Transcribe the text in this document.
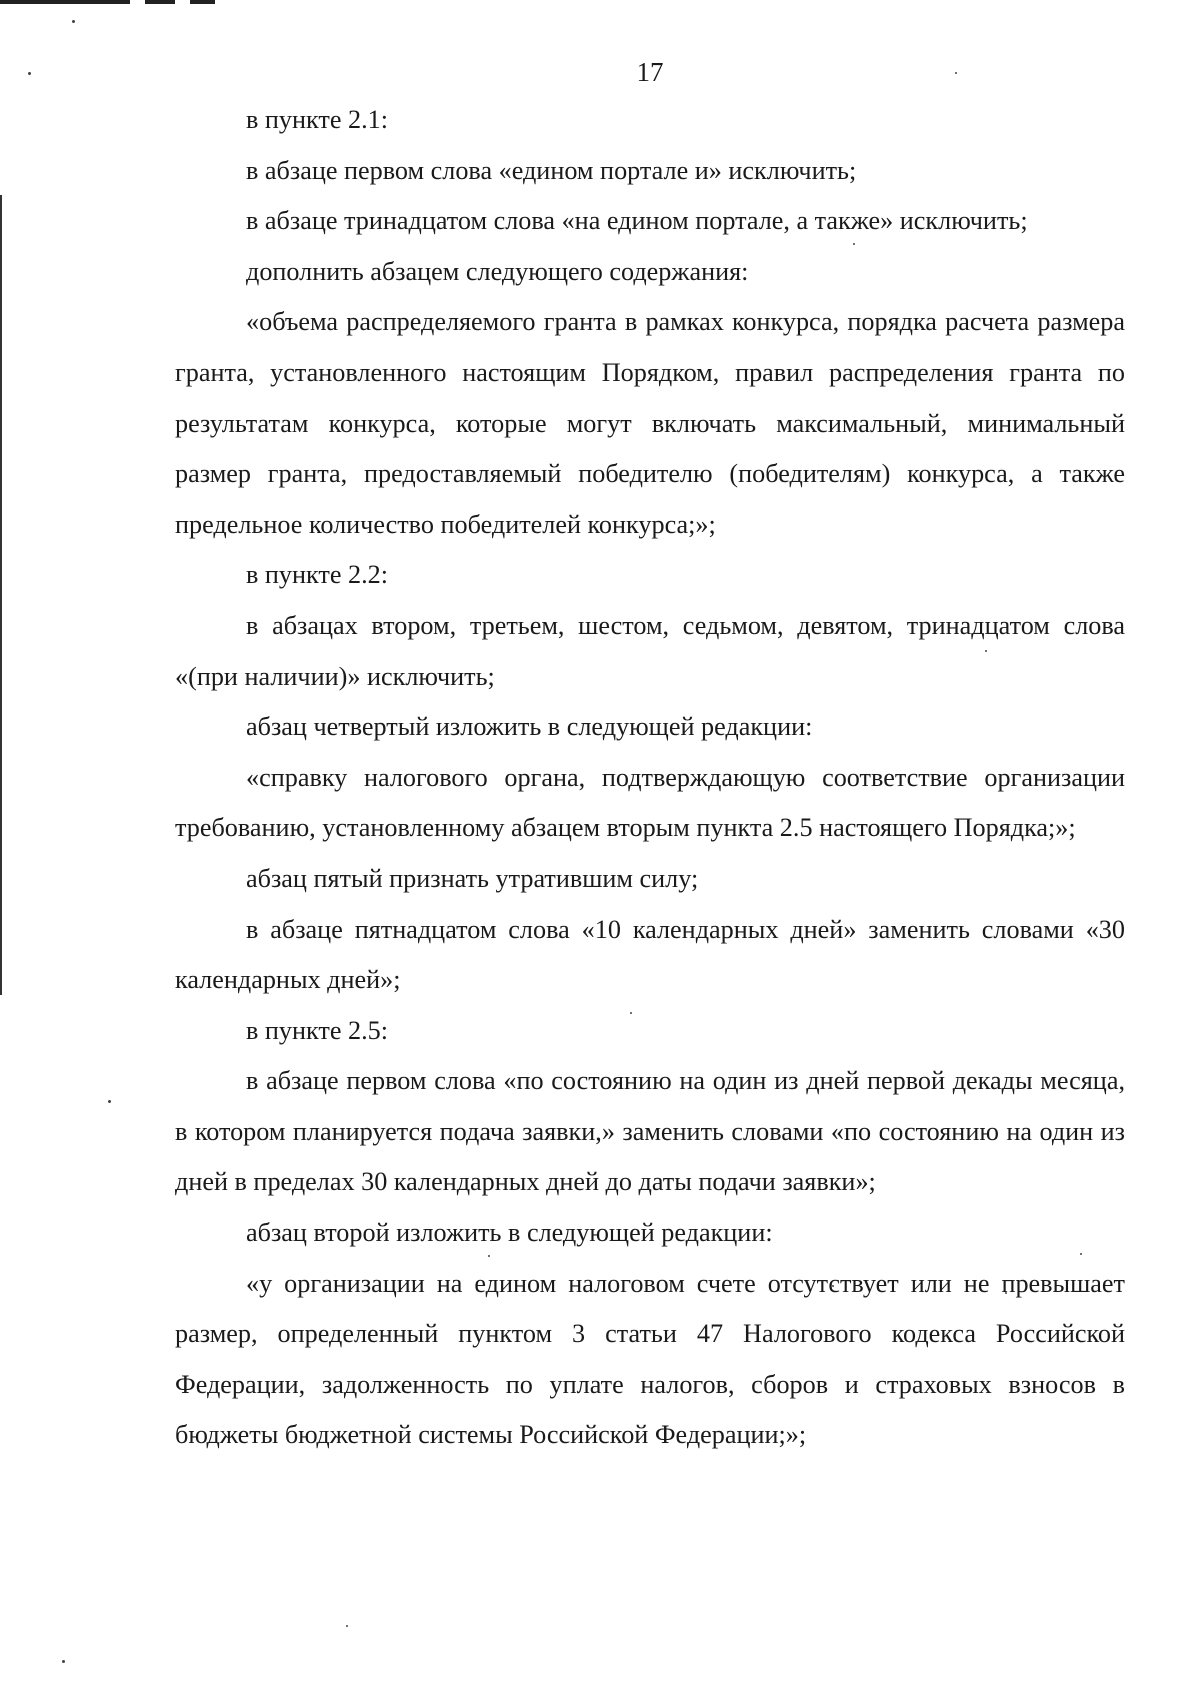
17

в пункте 2.1:

в абзаце первом слова «едином портале и» исключить;

в абзаце тринадцатом слова «на едином портале, а также» исключить;

дополнить абзацем следующего содержания:

«объема распределяемого гранта в рамках конкурса, порядка расчета размера гранта, установленного настоящим Порядком, правил распределения гранта по результатам конкурса, которые могут включать максимальный, минимальный размер гранта, предоставляемый победителю (победителям) конкурса, а также предельное количество победителей конкурса;»;

в пункте 2.2:

в абзацах втором, третьем, шестом, седьмом, девятом, тринадцатом слова «(при наличии)» исключить;

абзац четвертый изложить в следующей редакции:

«справку налогового органа, подтверждающую соответствие организации требованию, установленному абзацем вторым пункта 2.5 настоящего Порядка;»;

абзац пятый признать утратившим силу;

в абзаце пятнадцатом слова «10 календарных дней» заменить словами «30 календарных дней»;

в пункте 2.5:

в абзаце первом слова «по состоянию на один из дней первой декады месяца, в котором планируется подача заявки,» заменить словами «по состоянию на один из дней в пределах 30 календарных дней до даты подачи заявки»;

абзац второй изложить в следующей редакции:

«у организации на едином налоговом счете отсутствует или не превышает размер, определенный пунктом 3 статьи 47 Налогового кодекса Российской Федерации, задолженность по уплате налогов, сборов и страховых взносов в бюджеты бюджетной системы Российской Федерации;»;
